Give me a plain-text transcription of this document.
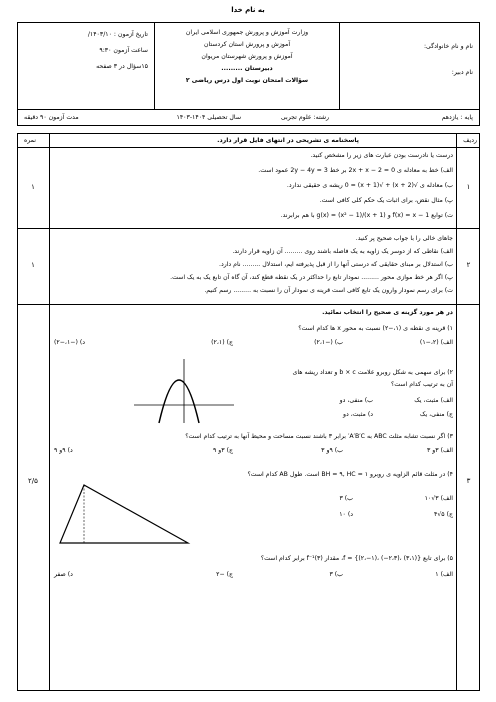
به نام خدا
نام و نام خانوادگی:
نام دبیر:
وزارت آموزش و پرورش جمهوری اسلامی ایران
آموزش و پرورش استان کردستان
آموزش و پرورش شهرستان مریوان
دبیرستان .........
سؤالات امتحان نوبت اول درس ریاضی ۲
تاریخ آزمون : ۱۴۰۳/۱۰/
ساعت آزمون ۹:۳۰
۱۵سؤال در ۳ صفحه
پایه : یازدهم
رشته: علوم تجربی
سال تحصیلی ۱۴۰۴-۱۴۰۳
مدت آزمون ۹۰ دقیقه
ردیف
پاسخنامه ی تشریحی در انتهای فایل قرار دارد.
نمره
۱
۱
درست یا نادرست بودن عبارت های زیر را مشخص کنید.
الف) خط به معادله ی 2x + x − 2 = 0 بر خط 2y − 4y = 3 عمود است.
ب) معادله ی √(x + 2) + √(x + 1) = 0 ریشه ی حقیقی ندارد.
پ) مثال نقض، برای اثبات یک حکم کلی کافی است.
ت) توابع f(x) = x − 1 و g(x) = (x² − 1)/(x + 1) با هم برابرند.
۲
۱
جاهای خالی را با جواب صحیح پر کنید.
الف) نقاطی که از دوسر یک زاویه به یک فاصله باشند روی ......... آن زاویه قرار دارند.
ب) استدلال بر مبنای حقایقی که درستی آنها را از قبل پذیرفته ایم، استدلال ......... نام دارد.
پ) اگر هر خط موازی محور ......... نمودار تابع را حداکثر در یک نقطه قطع کند، آن گاه آن تابع یک به یک است.
ت) برای رسم نمودار وارون یک تابع کافی است قرینه ی نمودار آن را نسبت به ......... رسم کنیم.
۳
۲/۵
در هر مورد گزینه ی صحیح را انتخاب نمائید.
۱) قرینه ی نقطه ی (۱،−۲) نسبت به محور x ها کدام است؟
الف) (۲،−۱)
ب) (−۲،۱)
ج) (۲،۱)
د) (−۱،−۲)
۲) برای سهمی به شکل روبرو علامت b × c و تعداد ریشه های
آن به ترتیب کدام است؟
الف) مثبت، یک
ب) منفی، دو
ج) منفی، یک
د) مثبت، دو
۳) اگر نسبت تشابه مثلث ABC به A′B′C′ برابر ۳ باشند نسبت مساحت و محیط آنها به ترتیب کدام است؟
الف) ۳و ۳
ب) ۹و ۳
ج) ۳و ۹
د) ۹و ۹
۴) در مثلث قائم الزاویه ی روبرو BH = ۹, HC = ۱ است. طول AB کدام است؟
الف) ۳√۱۰
ب) ۳
ج) ۵√۴
د) ۱۰
۵) برای تابع f = {(۲،−۱)، (−۲،۳)، (۳،۱)}، مقدار f⁻¹(۳) برابر کدام است؟
الف) ۱
ب) ۳
ج) −۲
د) صفر
